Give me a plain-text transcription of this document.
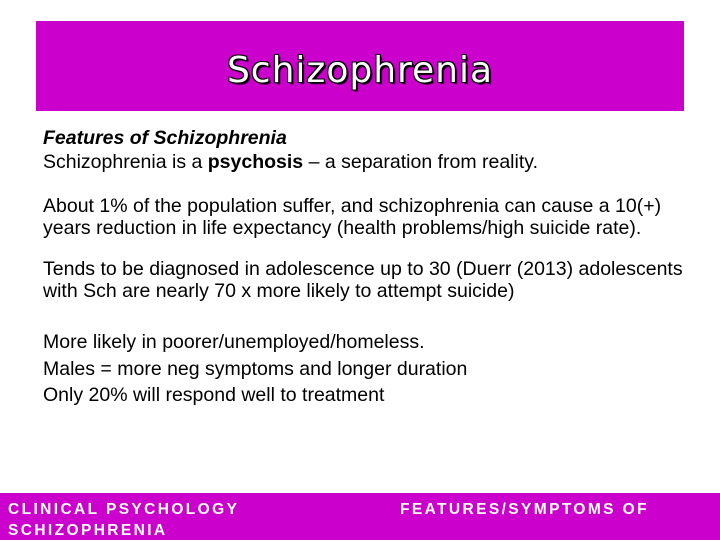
Schizophrenia

Features of Schizophrenia
Schizophrenia is a psychosis – a separation from reality.

About 1% of the population suffer, and schizophrenia can cause a 10(+) years reduction in life expectancy (health problems/high suicide rate).

Tends to be diagnosed in adolescence up to 30 (Duerr (2013) adolescents with Sch are nearly 70 x more likely to attempt suicide)

More likely in poorer/unemployed/homeless.
Males = more neg symptoms and longer duration
Only 20% will respond well to treatment

CLINICAL PSYCHOLOGY
SCHIZOPHRENIA
FEATURES/SYMPTOMS OF
